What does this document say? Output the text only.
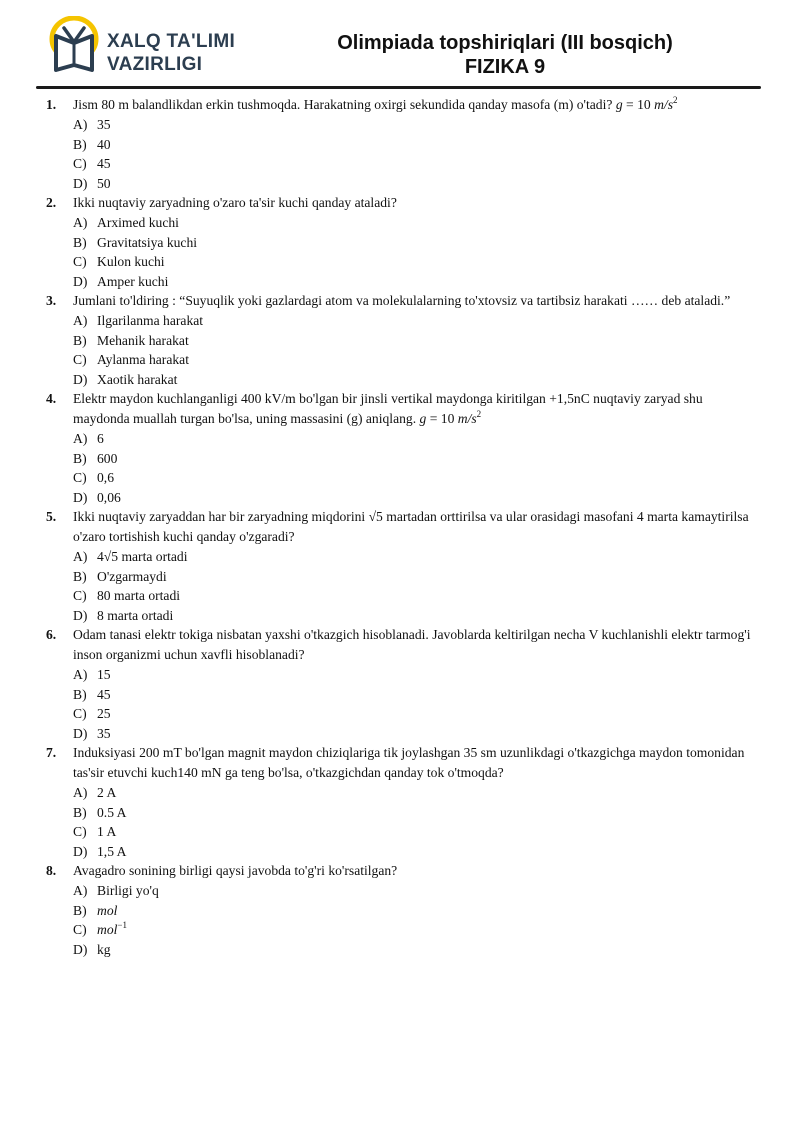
XALQ TA'LIMI
VAZIRLIGI
Olimpiada topshiriqlari (III bosqich)
FIZIKA 9
1.	Jism 80 m balandlikdan erkin tushmoqda. Harakatning oxirgi sekundida qanday masofa (m) o'tadi? g = 10 $m/s^2$
A) 35
B) 40
C) 45
D) 50
2.	Ikki nuqtaviy zaryadning o'zaro ta'sir kuchi qanday ataladi?
A) Arximed kuchi
B) Gravitatsiya kuchi
C) Kulon kuchi
D) Amper kuchi
3.	Jumlani to'ldiring : “Suyuqlik yoki gazlardagi atom va molekulalarning to'xtovsiz va tartibsiz harakati …… deb ataladi.”
A) Ilgarilanma harakat
B) Mehanik harakat
C) Aylanma harakat
D) Xaotik harakat
4.	Elektr maydon kuchlanganligi 400 kV/m bo'lgan bir jinsli vertikal maydonga kiritilgan +1,5nC nuqtaviy zaryad shu maydonda muallah turgan bo'lsa, uning massasini (g) aniqlang. g = 10 $m/s^2$
A) 6
B) 600
C) 0,6
D) 0,06
5.	Ikki nuqtaviy zaryaddan har bir zaryadning miqdorini √5 martadan orttirilsa va ular orasidagi masofani 4 marta kamaytirilsa o'zaro tortishish kuchi qanday o'zgaradi?
A) 4√5 marta ortadi
B) O'zgarmaydi
C) 80 marta ortadi
D) 8 marta ortadi
6.	Odam tanasi elektr tokiga nisbatan yaxshi o'tkazgich hisoblanadi. Javoblarda keltirilgan necha V kuchlanishli elektr tarmog'i inson organizmi uchun xavfli hisoblanadi?
A) 15
B) 45
C) 25
D) 35
7.	Induksiyasi 200 mT bo'lgan magnit maydon chiziqlariga tik joylashgan 35 sm uzunlikdagi o'tkazgichga maydon tomonidan tas'sir etuvchi kuch140 mN ga teng bo'lsa, o'tkazgichdan qanday tok o'tmoqda?
A) 2 A
B) 0.5 A
C) 1 A
D) 1,5 A
8.	Avagadro sonining birligi qaysi javobda to'g'ri ko'rsatilgan?
A) Birligi yo'q
B) mol
C) mol$^{-1}$
D) kg
